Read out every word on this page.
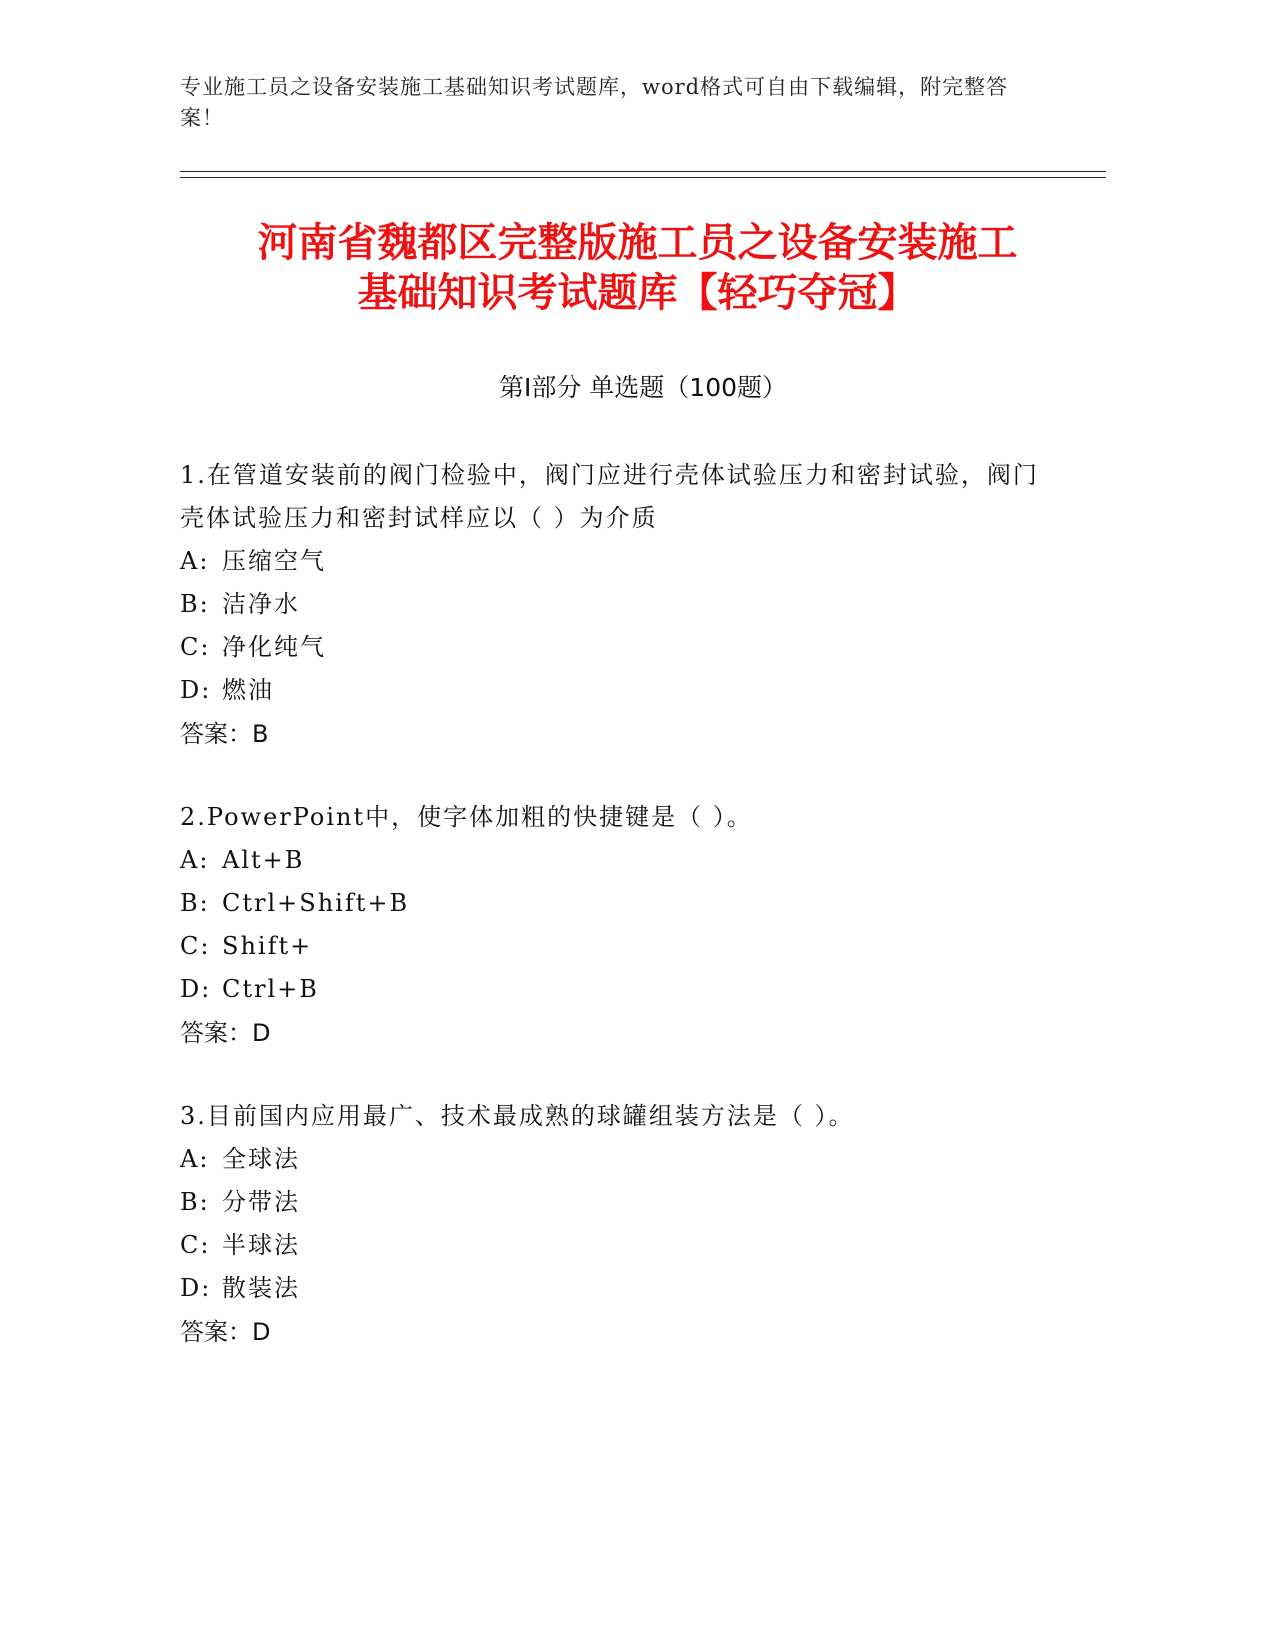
专业施工员之设备安装施工基础知识考试题库，word格式可自由下载编辑，附完整答案！
河南省魏都区完整版施工员之设备安装施工
基础知识考试题库【轻巧夺冠】
第I部分 单选题（100题）

1.在管道安装前的阀门检验中，阀门应进行壳体试验压力和密封试验，阀门壳体试验压力和密封试样应以（ ）为介质

A: 压缩空气

B: 洁净水

C: 净化纯气

D: 燃油

答案：B

2.PowerPoint中，使字体加粗的快捷键是（ ）。

A: Alt+B

B: Ctrl+Shift+B

C: Shift+

D: Ctrl+B

答案：D

3.目前国内应用最广、技术最成熟的球罐组装方法是（ ）。

A: 全球法

B: 分带法

C: 半球法

D: 散装法

答案：D
